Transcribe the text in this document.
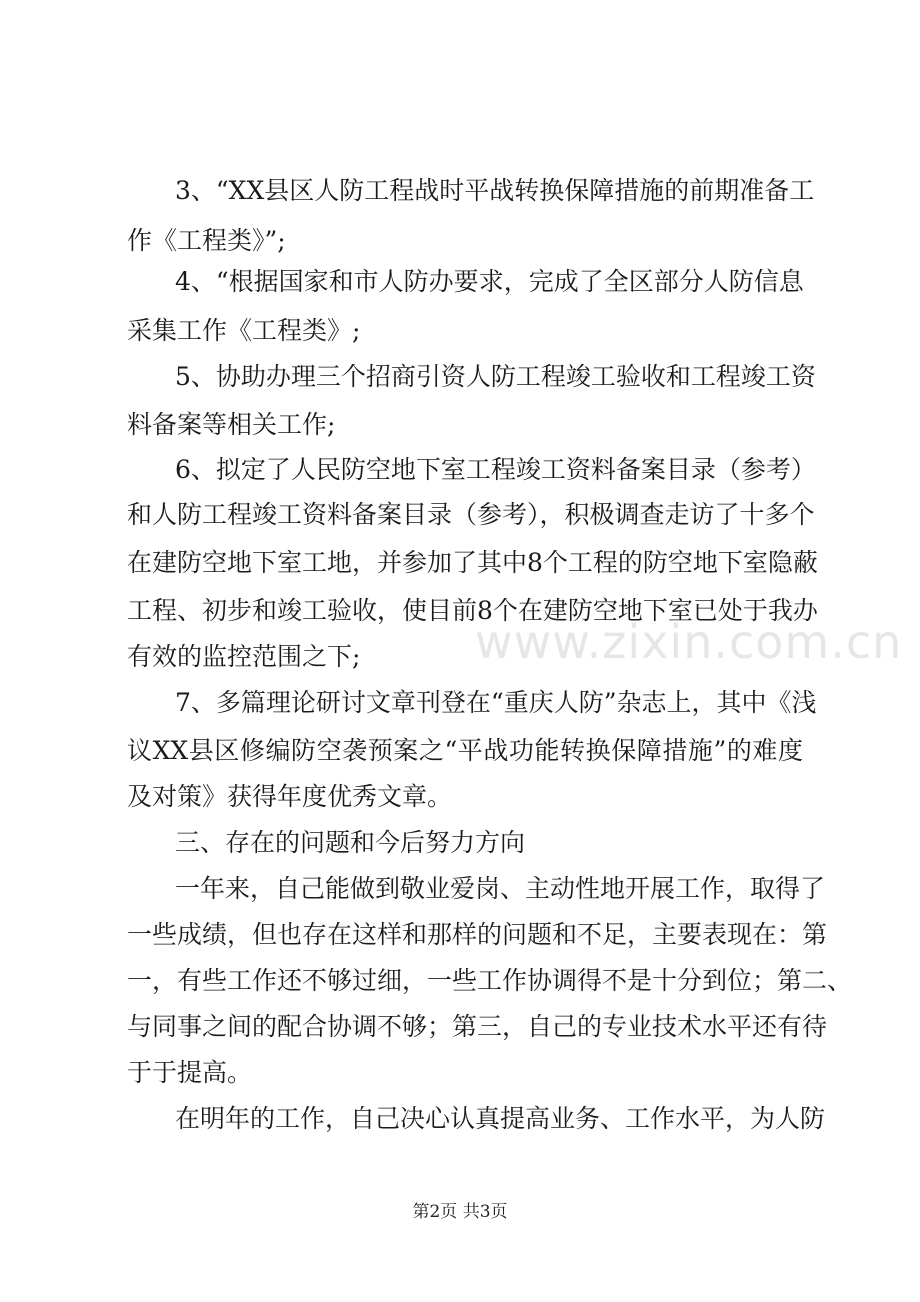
3、“XX县区人防工程战时平战转换保障措施的前期准备工
作《工程类》”;
4、“根据国家和市人防办要求，完成了全区部分人防信息
采集工作《工程类》;
5、协助办理三个招商引资人防工程竣工验收和工程竣工资
料备案等相关工作;
6、拟定了人民防空地下室工程竣工资料备案目录（参考）
和人防工程竣工资料备案目录（参考），积极调查走访了十多个
在建防空地下室工地，并参加了其中8个工程的防空地下室隐蔽
工程、初步和竣工验收，使目前8个在建防空地下室已处于我办
有效的监控范围之下;
7、多篇理论研讨文章刊登在“重庆人防”杂志上，其中《浅
议XX县区修编防空袭预案之“平战功能转换保障措施”的难度
及对策》获得年度优秀文章。
三、存在的问题和今后努力方向
一年来，自己能做到敬业爱岗、主动性地开展工作，取得了
一些成绩，但也存在这样和那样的问题和不足，主要表现在：第
一，有些工作还不够过细，一些工作协调得不是十分到位；第二、
与同事之间的配合协调不够；第三，自己的专业技术水平还有待
于于提高。
在明年的工作，自己决心认真提高业务、工作水平，为人防
www.zixin.com.cn
第2页 共3页
